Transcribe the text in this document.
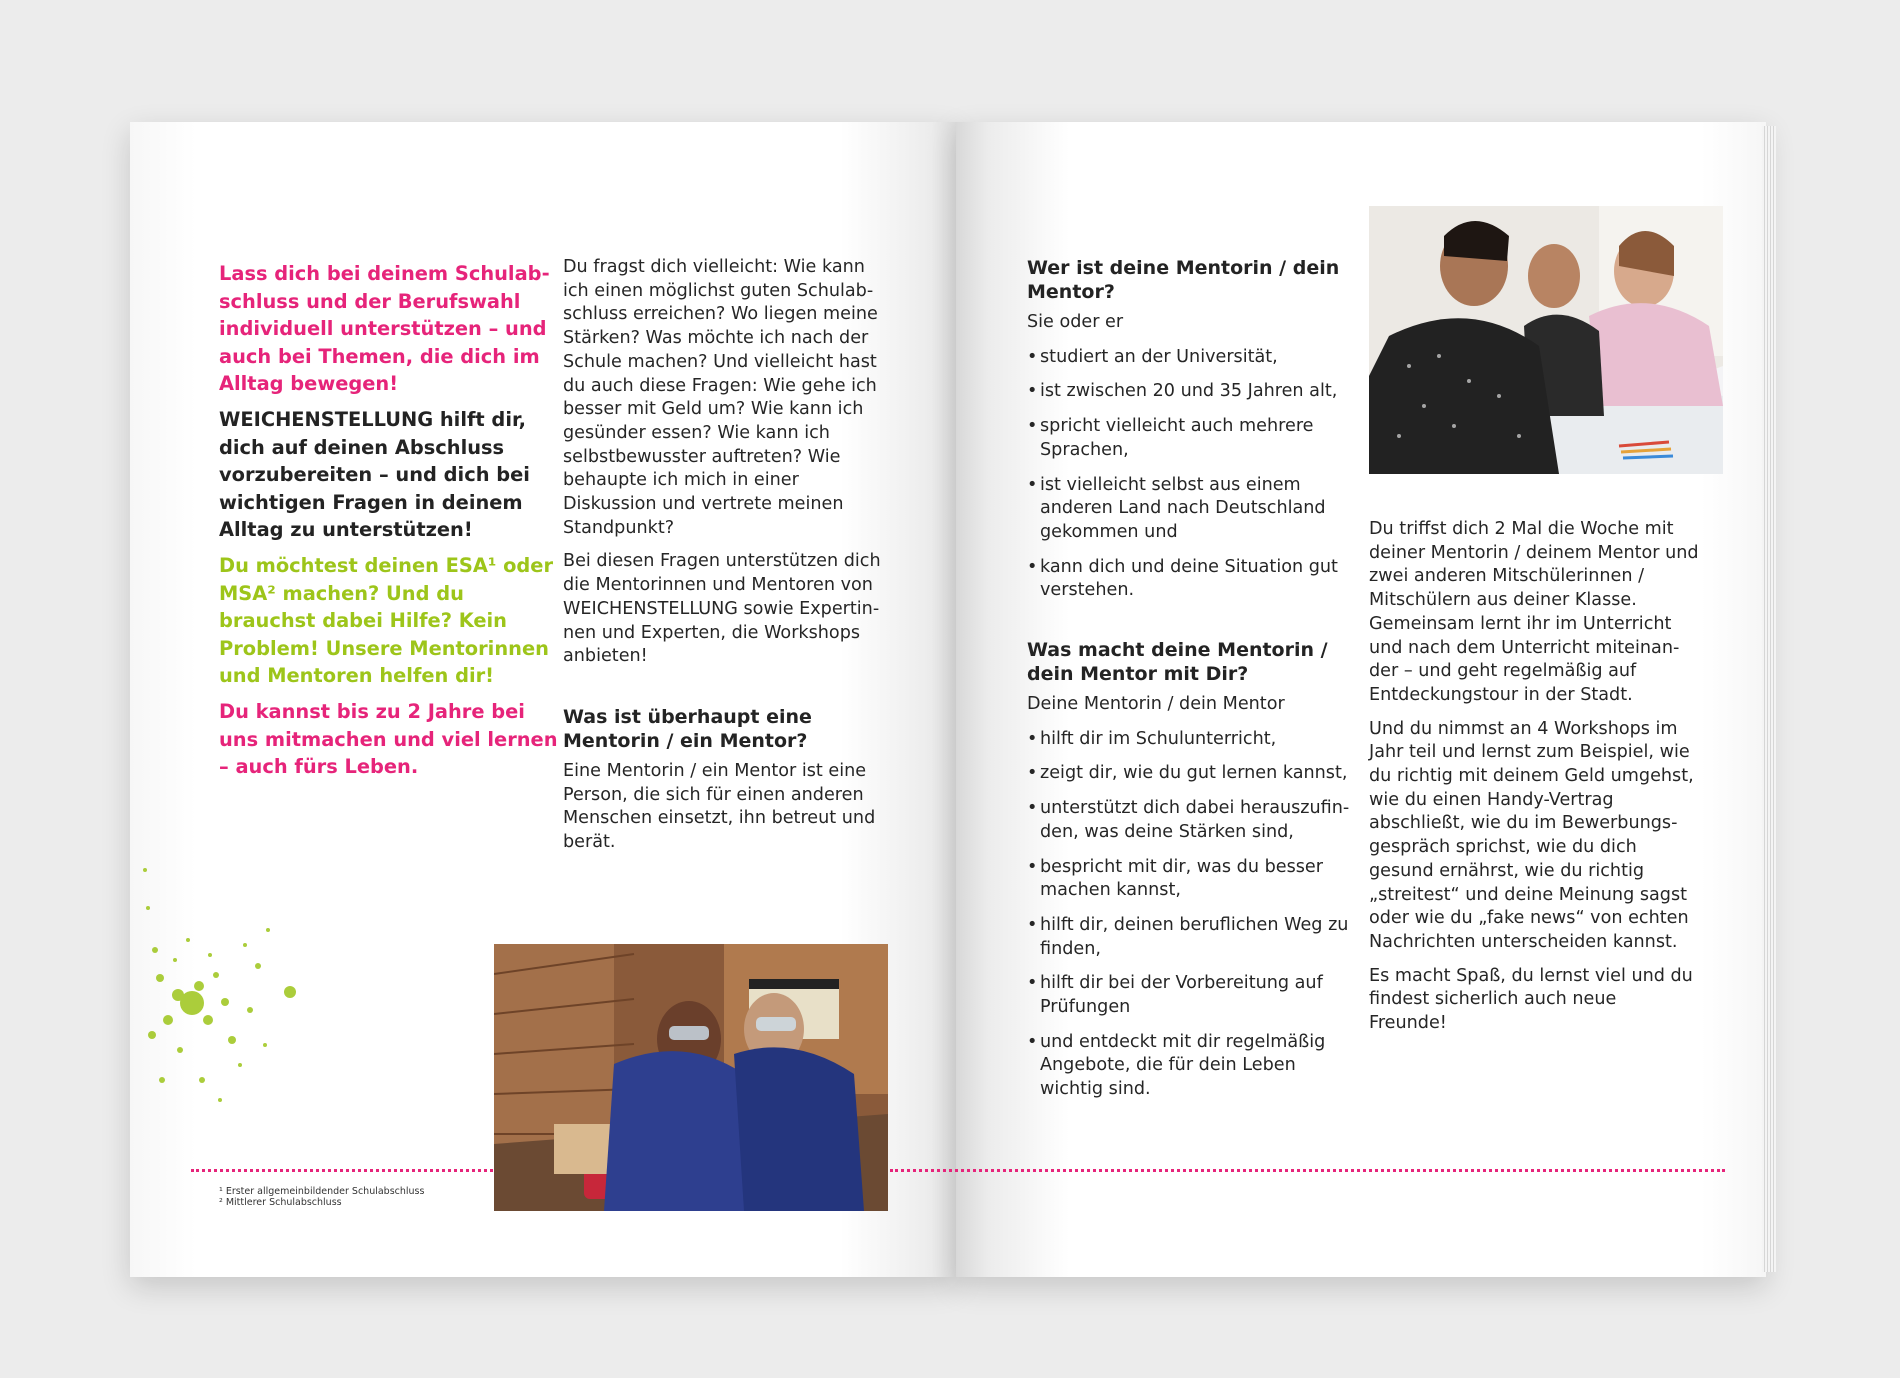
Lass dich bei deinem Schulabschluss und der Berufswahl individuell unterstützen – und auch bei Themen, die dich im Alltag bewegen!

WEICHENSTELLUNG hilft dir, dich auf deinen Abschluss vorzubereiten – und dich bei wichtigen Fragen in deinem Alltag zu unterstützen!

Du möchtest deinen ESA¹ oder MSA² machen? Und du brauchst dabei Hilfe? Kein Problem! Unsere Mentorinnen und Mentoren helfen dir!

Du kannst bis zu 2 Jahre bei uns mitmachen und viel lernen – auch fürs Leben.

Du fragst dich vielleicht: Wie kann ich einen möglichst guten Schulabschluss erreichen? Wo liegen meine Stärken? Was möchte ich nach der Schule machen? Und vielleicht hast du auch diese Fragen: Wie gehe ich besser mit Geld um? Wie kann ich gesünder essen? Wie kann ich selbstbewusster auftreten? Wie behaupte ich mich in einer Diskussion und vertrete meinen Standpunkt?

Bei diesen Fragen unterstützen dich die Mentorinnen und Mentoren von WEICHENSTELLUNG sowie Expertinnen und Experten, die Workshops anbieten!

Was ist überhaupt eine Mentorin / ein Mentor?

Eine Mentorin / ein Mentor ist eine Person, die sich für einen anderen Menschen einsetzt, ihn betreut und berät.

¹ Erster allgemeinbildender Schulabschluss
² Mittlerer Schulabschluss
Wer ist deine Mentorin / dein Mentor?

Sie oder er

• studiert an der Universität,
• ist zwischen 20 und 35 Jahren alt,
• spricht vielleicht auch mehrere Sprachen,
• ist vielleicht selbst aus einem anderen Land nach Deutschland gekommen und
• kann dich und deine Situation gut verstehen.
Was macht deine Mentorin / dein Mentor mit Dir?

Deine Mentorin / dein Mentor

• hilft dir im Schulunterricht,
• zeigt dir, wie du gut lernen kannst,
• unterstützt dich dabei herauszufinden, was deine Stärken sind,
• bespricht mit dir, was du besser machen kannst,
• hilft dir, deinen beruflichen Weg zu finden,
• hilft dir bei der Vorbereitung auf Prüfungen
• und entdeckt mit dir regelmäßig Angebote, die für dein Leben wichtig sind.

Du triffst dich 2 Mal die Woche mit deiner Mentorin / deinem Mentor und zwei anderen Mitschülerinnen / Mitschülern aus deiner Klasse. Gemeinsam lernt ihr im Unterricht und nach dem Unterricht miteinander – und geht regelmäßig auf Entdeckungstour in der Stadt.

Und du nimmst an 4 Workshops im Jahr teil und lernst zum Beispiel, wie du richtig mit deinem Geld umgehst, wie du einen Handy-Vertrag abschließt, wie du im Bewerbungsgespräch sprichst, wie du dich gesund ernährst, wie du richtig „streitest“ und deine Meinung sagst oder wie du „fake news“ von echten Nachrichten unterscheiden kannst.

Es macht Spaß, du lernst viel und du findest sicherlich auch neue Freunde!
